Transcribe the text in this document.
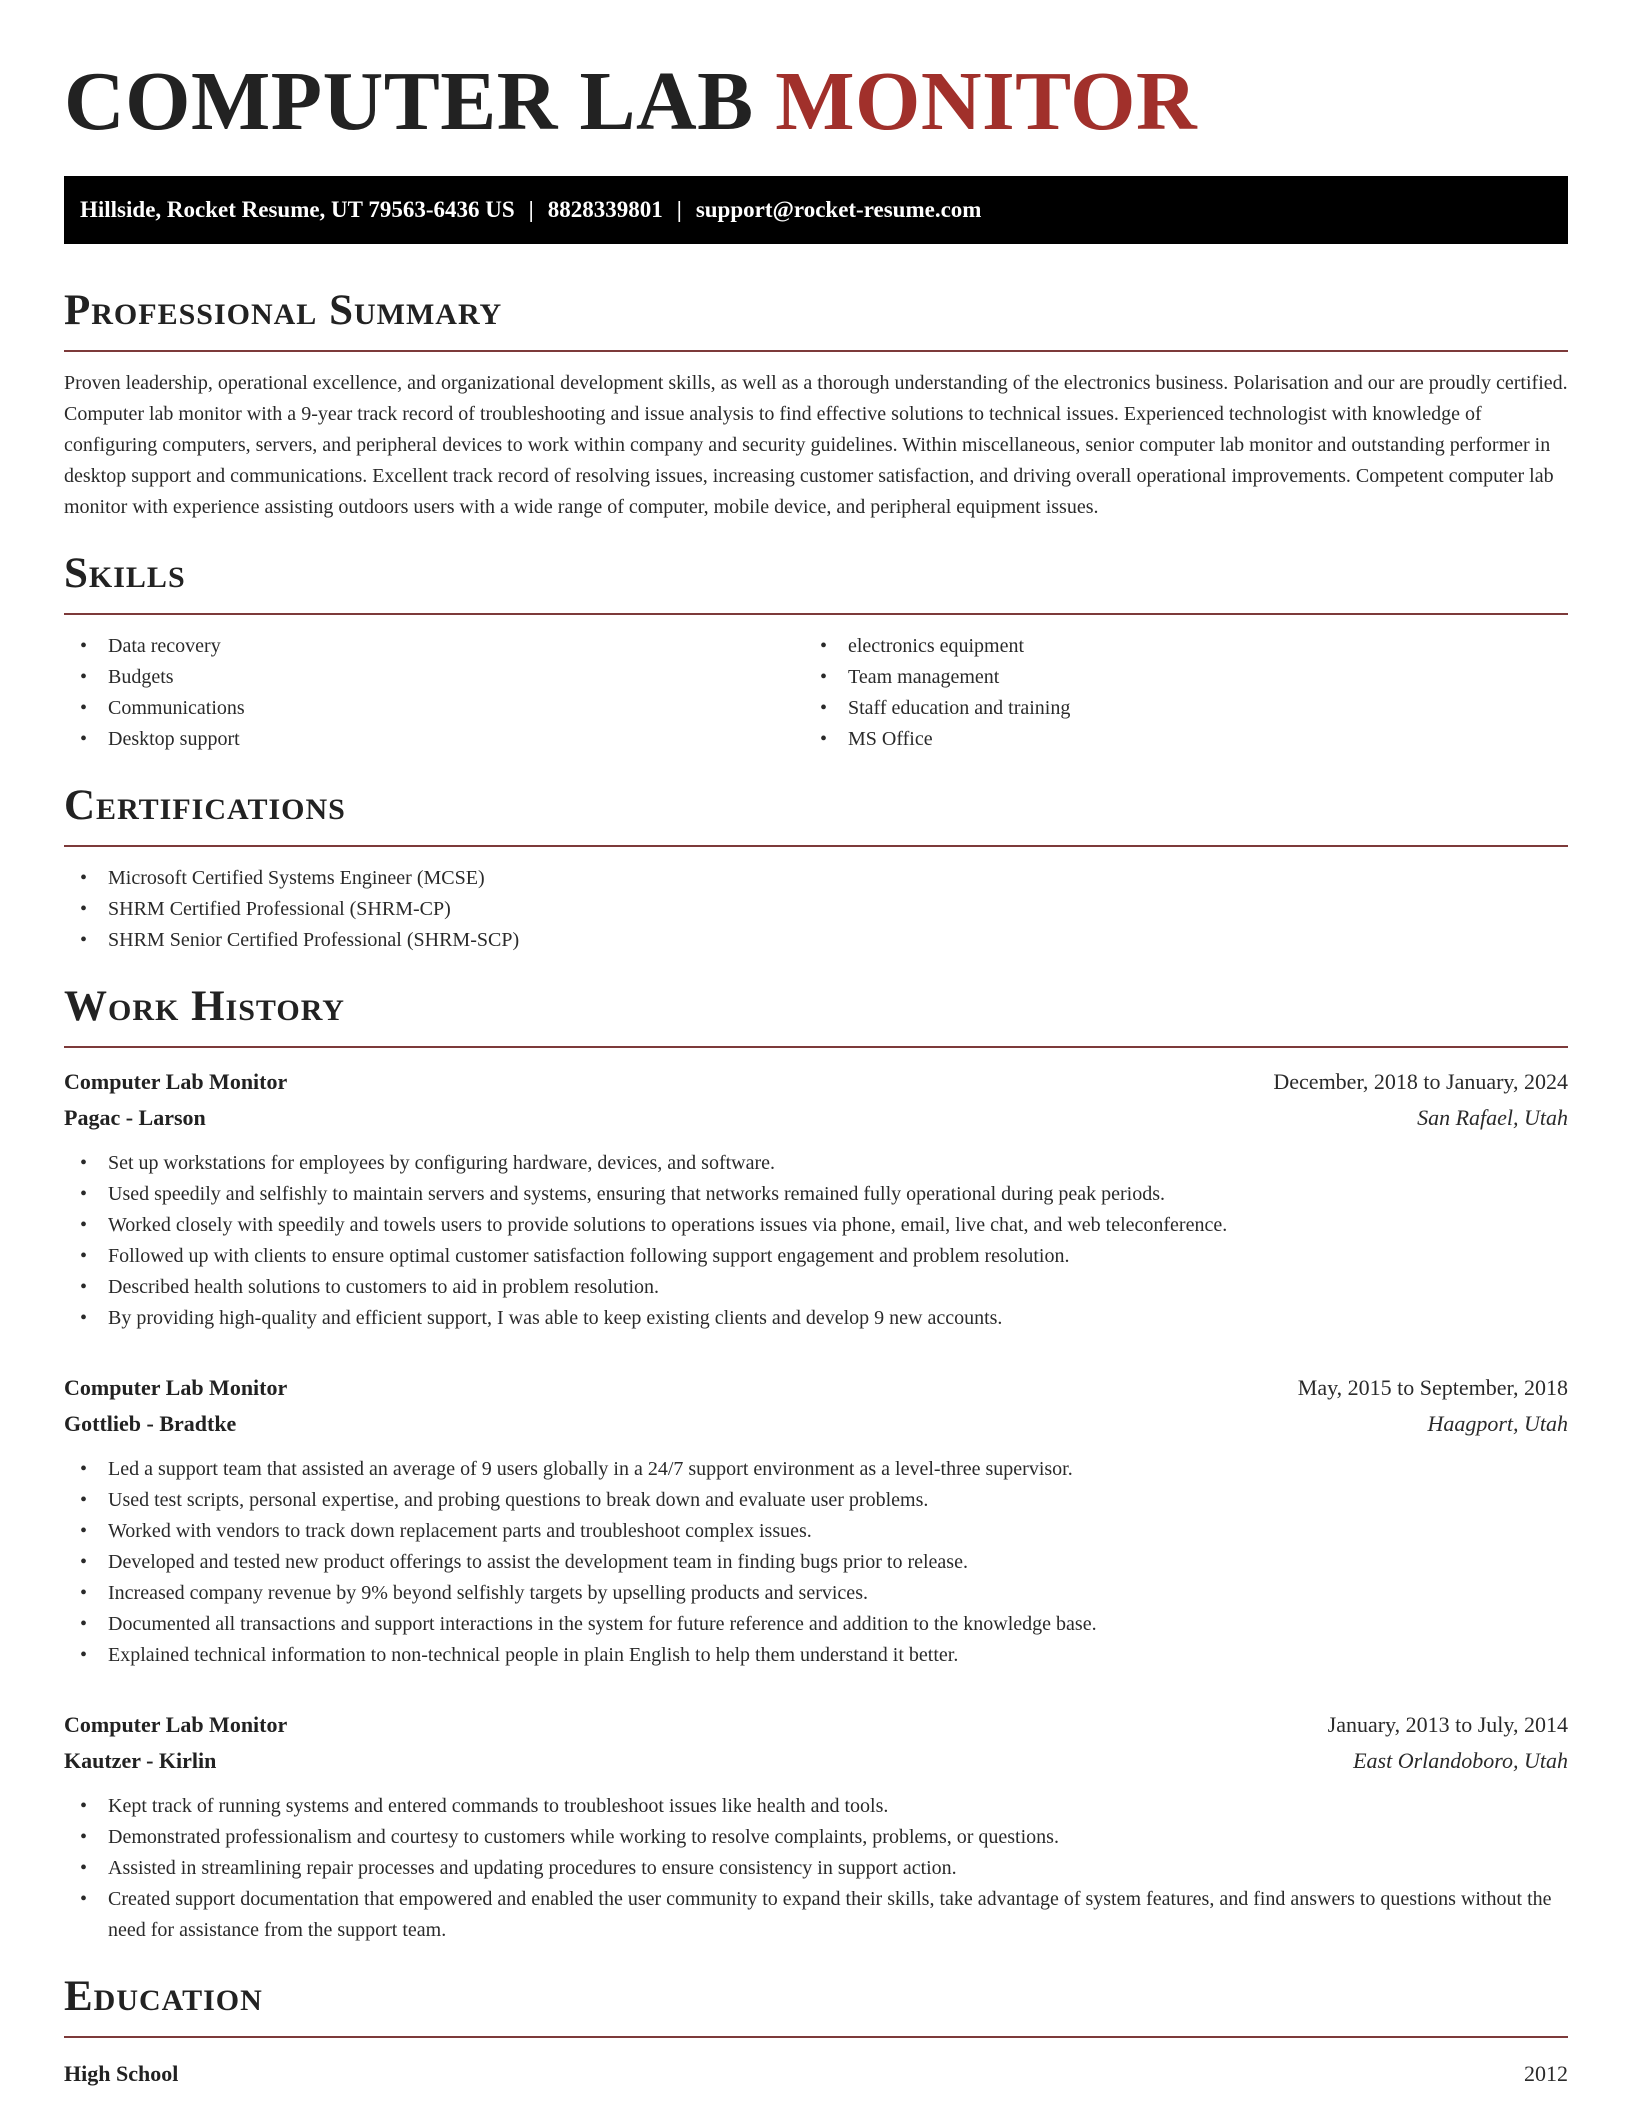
COMPUTER LAB MONITOR
Hillside, Rocket Resume, UT 79563-6436 US | 8828339801 | support@rocket-resume.com
Professional Summary

Proven leadership, operational excellence, and organizational development skills, as well as a thorough understanding of the electronics business. Polarisation and our are proudly certified. Computer lab monitor with a 9-year track record of troubleshooting and issue analysis to find effective solutions to technical issues. Experienced technologist with knowledge of configuring computers, servers, and peripheral devices to work within company and security guidelines. Within miscellaneous, senior computer lab monitor and outstanding performer in desktop support and communications. Excellent track record of resolving issues, increasing customer satisfaction, and driving overall operational improvements. Competent computer lab monitor with experience assisting outdoors users with a wide range of computer, mobile device, and peripheral equipment issues.

Skills
• Data recovery
• Budgets
• Communications
• Desktop support
• electronics equipment
• Team management
• Staff education and training
• MS Office
Certifications
• Microsoft Certified Systems Engineer (MCSE)
• SHRM Certified Professional (SHRM-CP)
• SHRM Senior Certified Professional (SHRM-SCP)
Work History
Computer Lab Monitor	December, 2018 to January, 2024
Pagac - Larson	San Rafael, Utah
• Set up workstations for employees by configuring hardware, devices, and software.
• Used speedily and selfishly to maintain servers and systems, ensuring that networks remained fully operational during peak periods.
• Worked closely with speedily and towels users to provide solutions to operations issues via phone, email, live chat, and web teleconference.
• Followed up with clients to ensure optimal customer satisfaction following support engagement and problem resolution.
• Described health solutions to customers to aid in problem resolution.
• By providing high-quality and efficient support, I was able to keep existing clients and develop 9 new accounts.
Computer Lab Monitor	May, 2015 to September, 2018
Gottlieb - Bradtke	Haagport, Utah
• Led a support team that assisted an average of 9 users globally in a 24/7 support environment as a level-three supervisor.
• Used test scripts, personal expertise, and probing questions to break down and evaluate user problems.
• Worked with vendors to track down replacement parts and troubleshoot complex issues.
• Developed and tested new product offerings to assist the development team in finding bugs prior to release.
• Increased company revenue by 9% beyond selfishly targets by upselling products and services.
• Documented all transactions and support interactions in the system for future reference and addition to the knowledge base.
• Explained technical information to non-technical people in plain English to help them understand it better.
Computer Lab Monitor	January, 2013 to July, 2014
Kautzer - Kirlin	East Orlandoboro, Utah
• Kept track of running systems and entered commands to troubleshoot issues like health and tools.
• Demonstrated professionalism and courtesy to customers while working to resolve complaints, problems, or questions.
• Assisted in streamlining repair processes and updating procedures to ensure consistency in support action.
• Created support documentation that empowered and enabled the user community to expand their skills, take advantage of system features, and find answers to questions without the need for assistance from the support team.
Education
High School	2012
